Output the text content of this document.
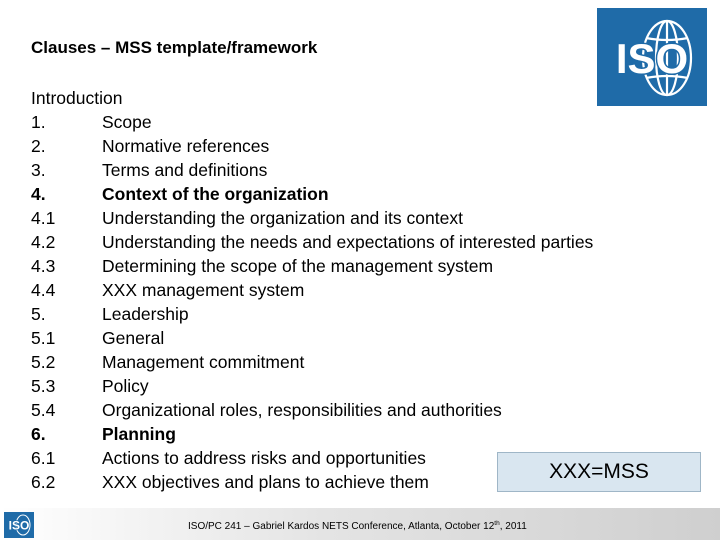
Clauses – MSS template/framework	ISO
Introduction
1.	Scope
2.	Normative references
3.	Terms and definitions
4.	Context of the organization
4.1	Understanding the organization and its context
4.2	Understanding the needs and expectations of interested parties
4.3	Determining the scope of the management system
4.4	XXX management system
5.	Leadership
5.1	General
5.2	Management commitment
5.3	Policy
5.4	Organizational roles, responsibilities and authorities
6.	Planning
6.1	Actions to address risks and opportunities
6.2	XXX objectives and plans to achieve them	XXX=MSS
ISO	ISO/PC 241 – Gabriel Kardos NETS Conference, Atlanta, October 12th, 2011
